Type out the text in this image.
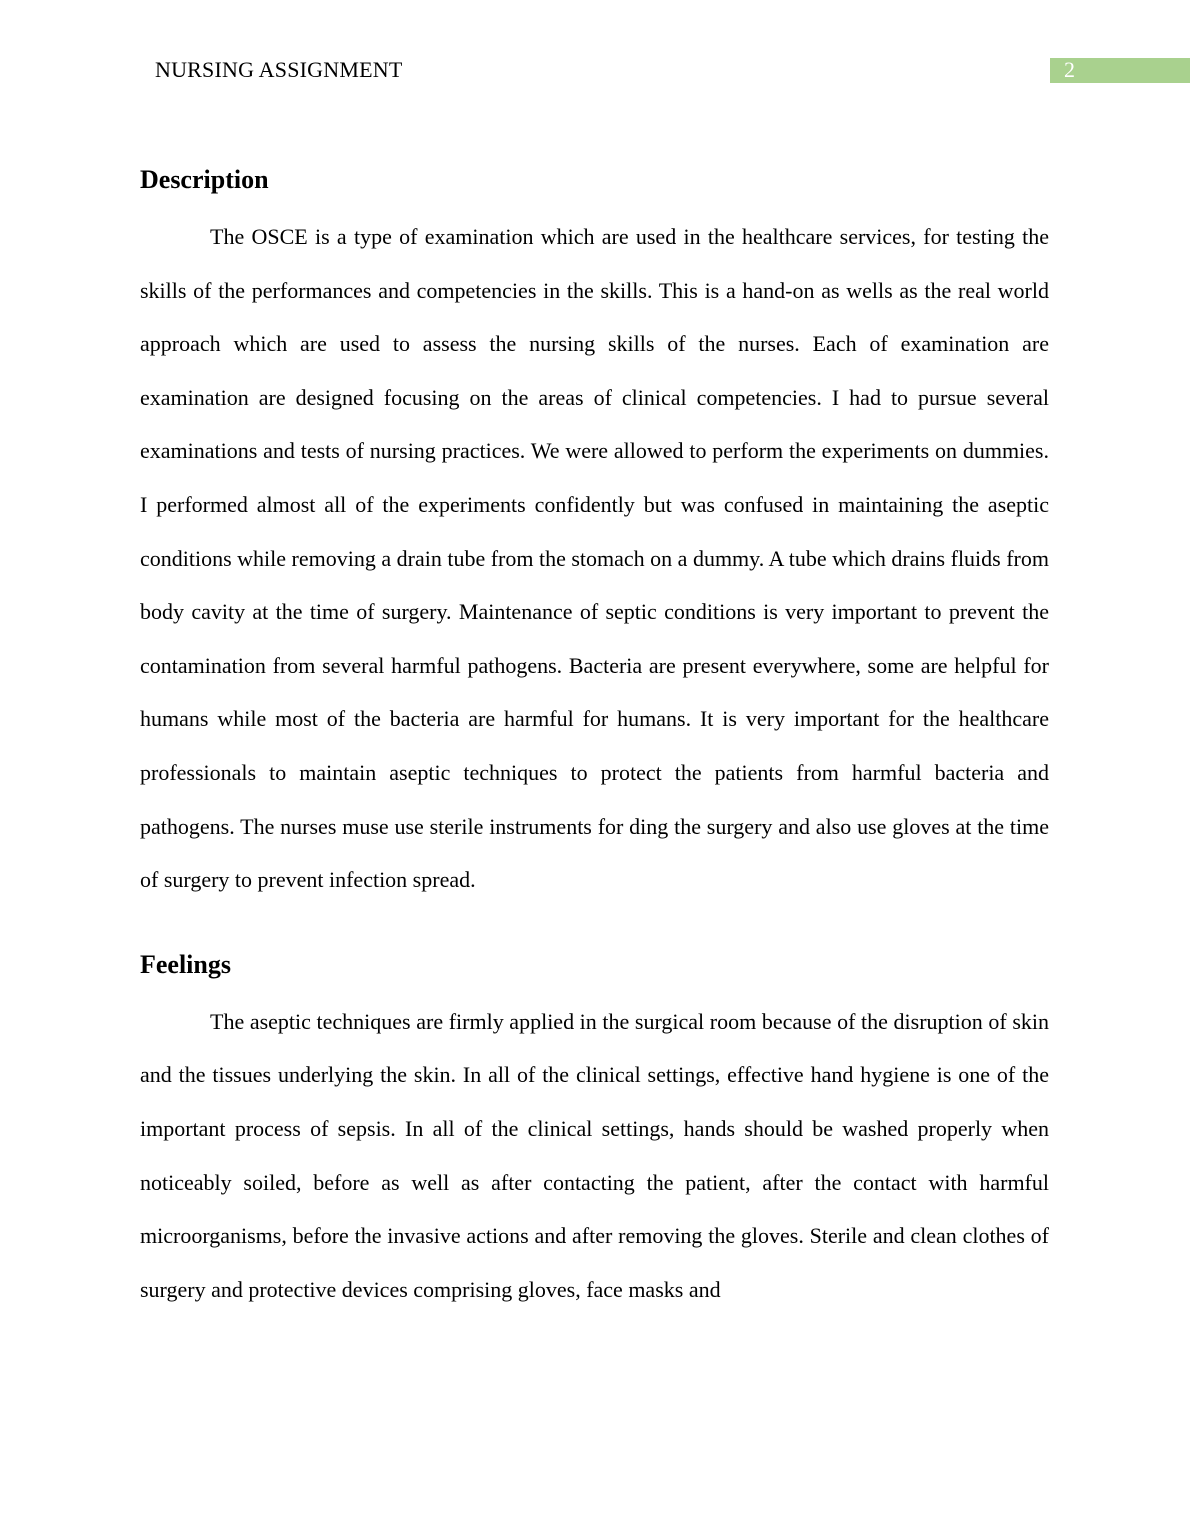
NURSING ASSIGNMENT	2
Description

The OSCE is a type of examination which are used in the healthcare services, for testing the skills of the performances and competencies in the skills. This is a hand-on as wells as the real world approach which are used to assess the nursing skills of the nurses. Each of examination are examination are designed focusing on the areas of clinical competencies. I had to pursue several examinations and tests of nursing practices. We were allowed to perform the experiments on dummies. I performed almost all of the experiments confidently but was confused in maintaining the aseptic conditions while removing a drain tube from the stomach on a dummy. A tube which drains fluids from body cavity at the time of surgery. Maintenance of septic conditions is very important to prevent the contamination from several harmful pathogens. Bacteria are present everywhere, some are helpful for humans while most of the bacteria are harmful for humans. It is very important for the healthcare professionals to maintain aseptic techniques to protect the patients from harmful bacteria and pathogens. The nurses muse use sterile instruments for ding the surgery and also use gloves at the time of surgery to prevent infection spread.

Feelings

The aseptic techniques are firmly applied in the surgical room because of the disruption of skin and the tissues underlying the skin. In all of the clinical settings, effective hand hygiene is one of the important process of sepsis. In all of the clinical settings, hands should be washed properly when noticeably soiled, before as well as after contacting the patient, after the contact with harmful microorganisms, before the invasive actions and after removing the gloves. Sterile and clean clothes of surgery and protective devices comprising gloves, face masks and
